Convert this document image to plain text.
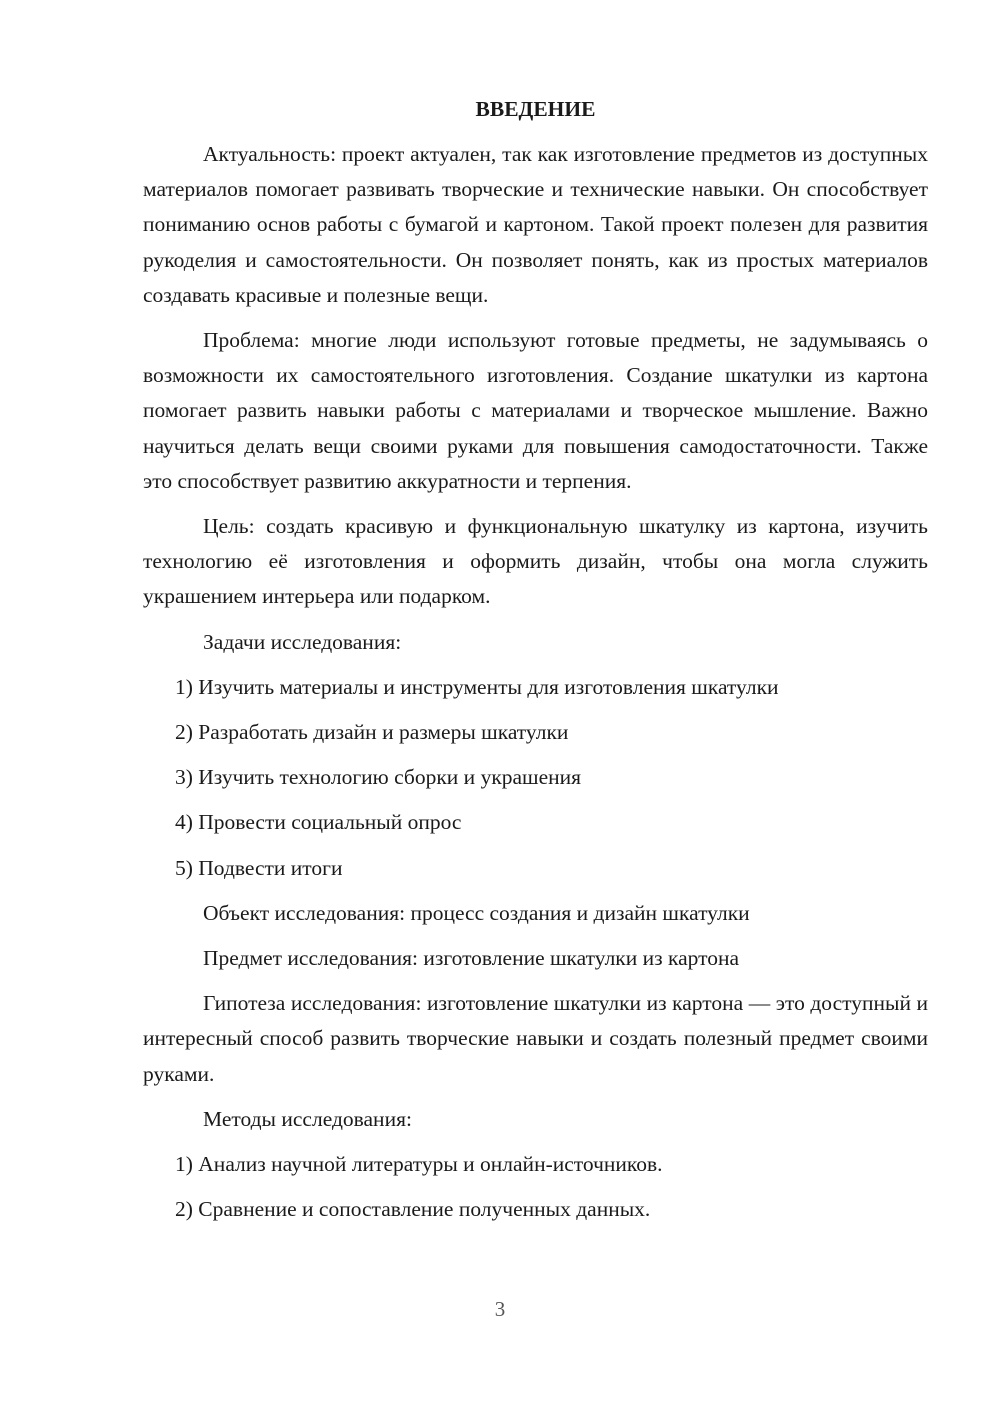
ВВЕДЕНИЕ
Актуальность: проект актуален, так как изготовление предметов из доступных материалов помогает развивать творческие и технические навыки. Он способствует пониманию основ работы с бумагой и картоном. Такой проект полезен для развития рукоделия и самостоятельности. Он позволяет понять, как из простых материалов создавать красивые и полезные вещи.
Проблема: многие люди используют готовые предметы, не задумываясь о возможности их самостоятельного изготовления. Создание шкатулки из картона помогает развить навыки работы с материалами и творческое мышление. Важно научиться делать вещи своими руками для повышения самодостаточности. Также это способствует развитию аккуратности и терпения.
Цель: создать красивую и функциональную шкатулку из картона, изучить технологию её изготовления и оформить дизайн, чтобы она могла служить украшением интерьера или подарком.
Задачи исследования:
1) Изучить материалы и инструменты для изготовления шкатулки
2) Разработать дизайн и размеры шкатулки
3) Изучить технологию сборки и украшения
4) Провести социальный опрос
5) Подвести итоги
Объект исследования: процесс создания и дизайн шкатулки
Предмет исследования: изготовление шкатулки из картона
Гипотеза исследования: изготовление шкатулки из картона — это доступный и интересный способ развить творческие навыки и создать полезный предмет своими руками.
Методы исследования:
1) Анализ научной литературы и онлайн-источников.
2) Сравнение и сопоставление полученных данных.
3
